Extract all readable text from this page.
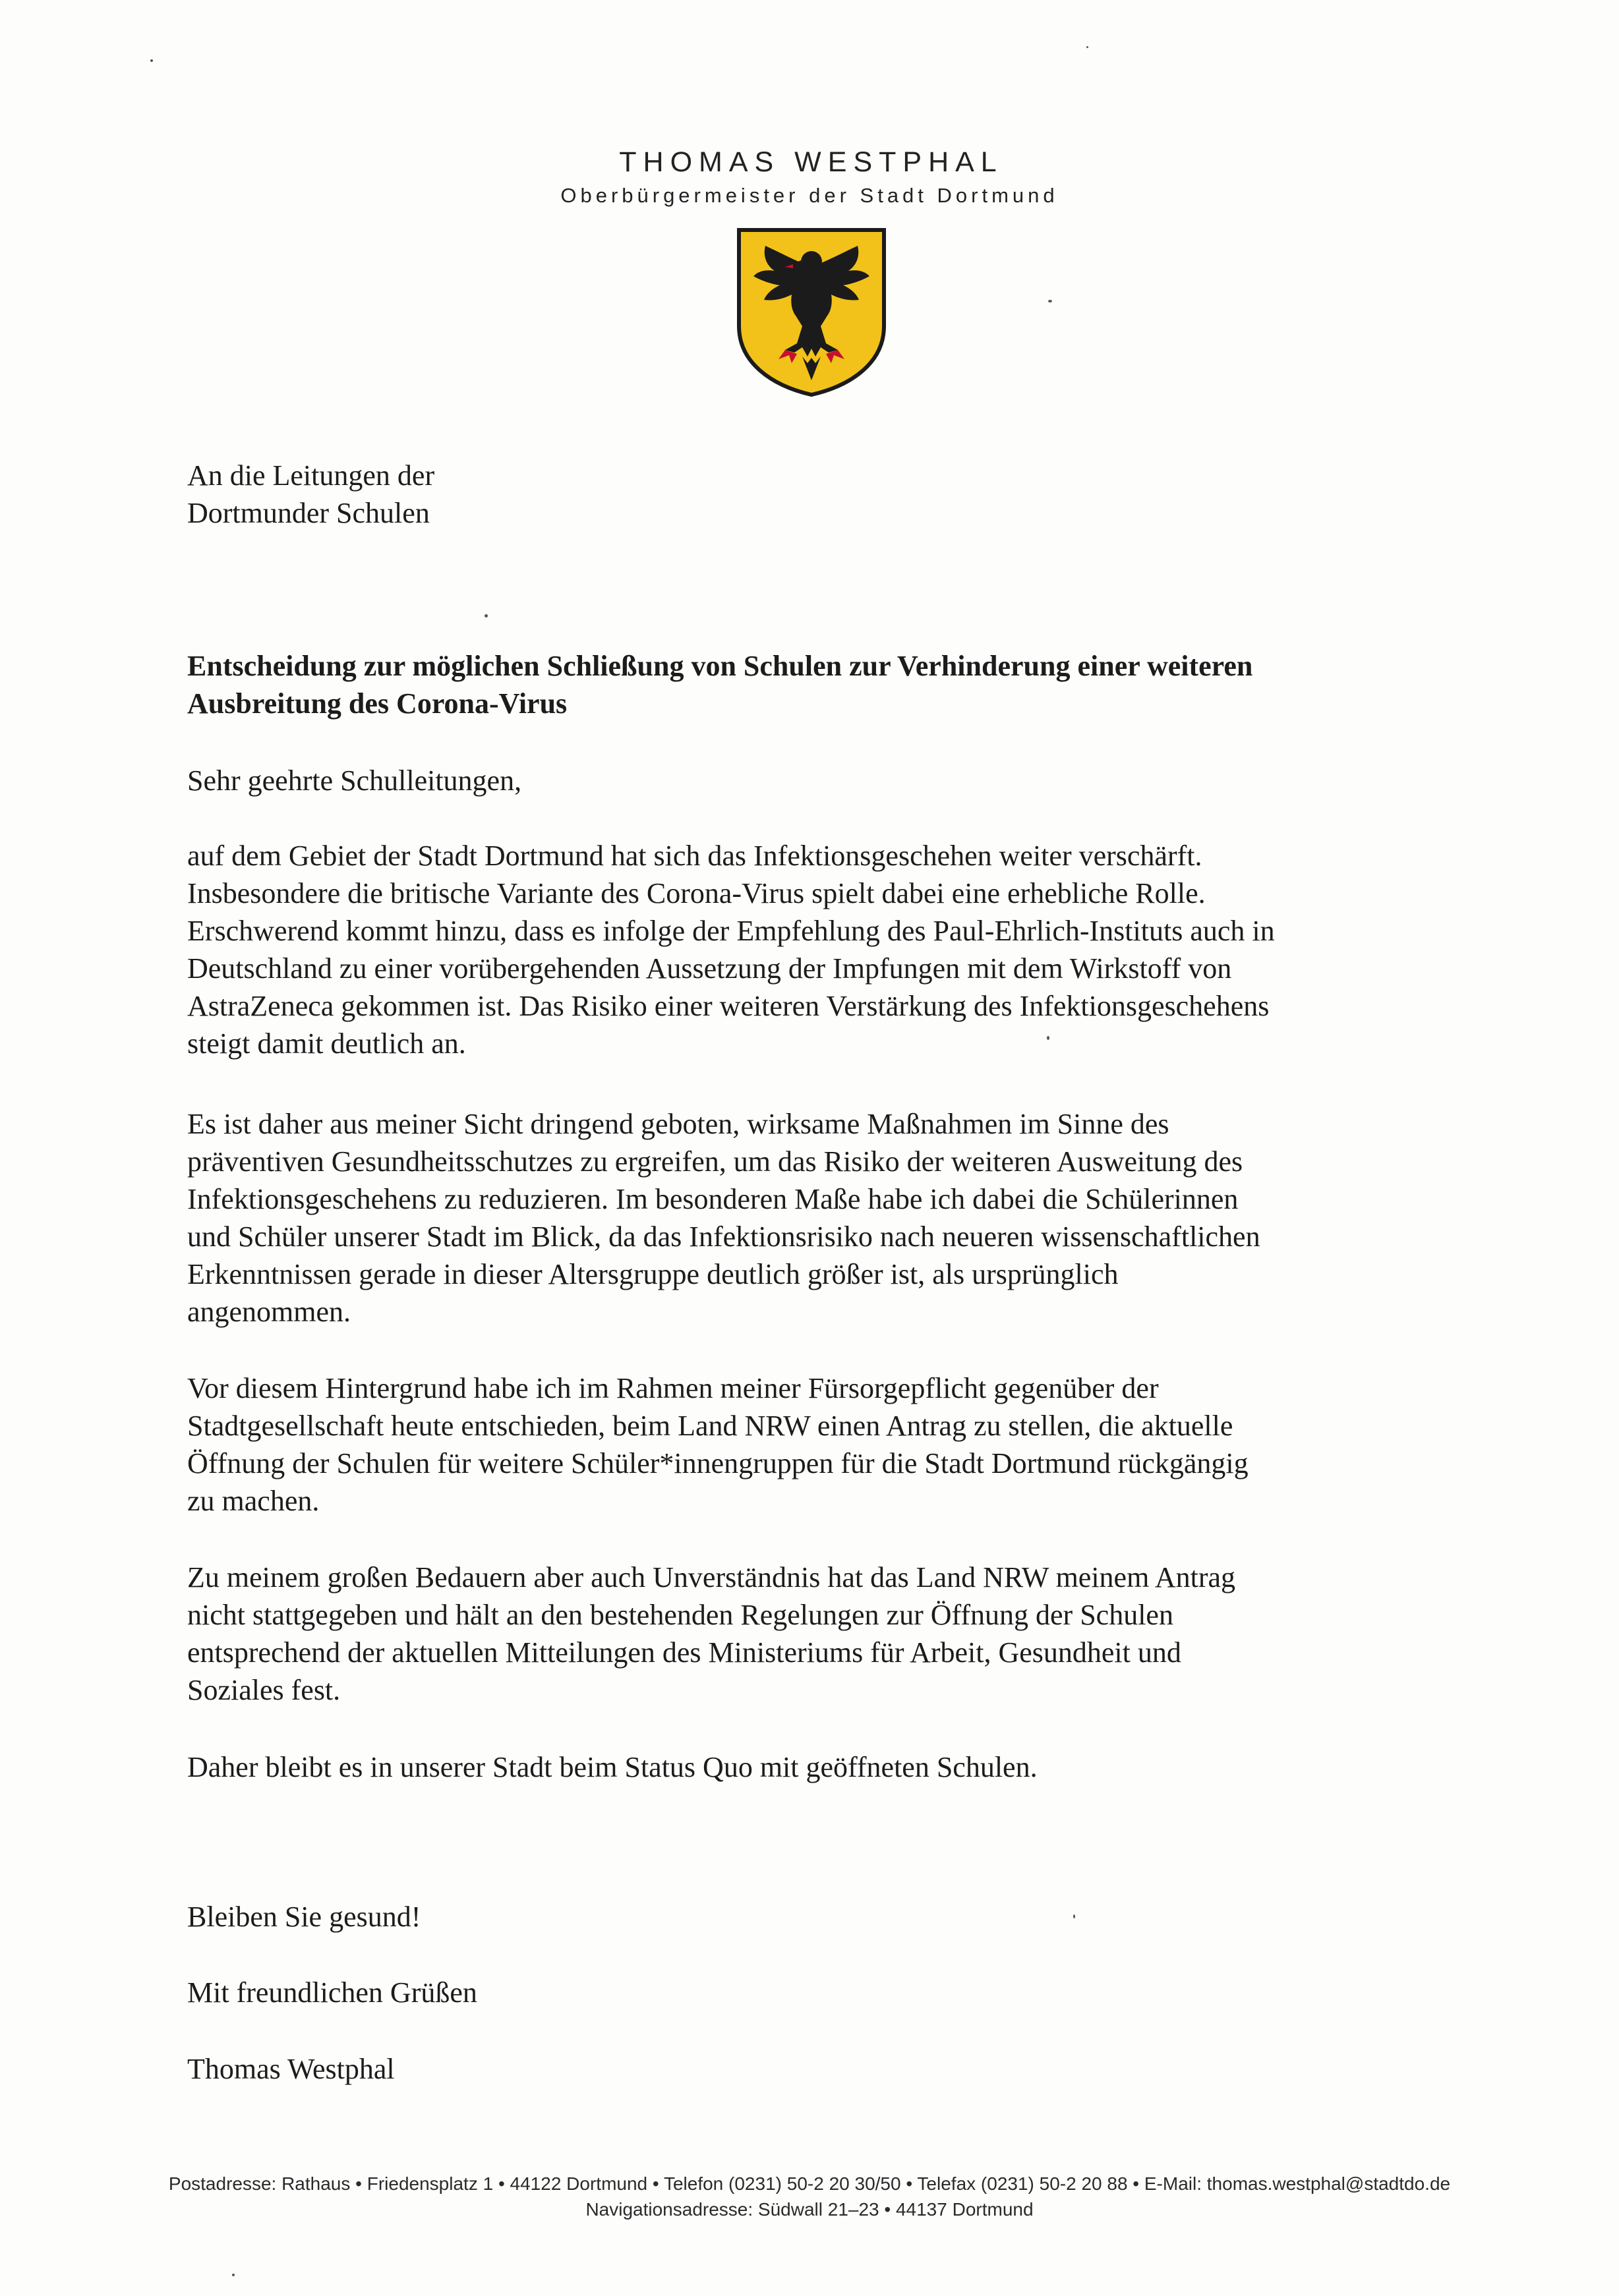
THOMAS WESTPHAL
Oberbürgermeister der Stadt Dortmund
An die Leitungen der
Dortmunder Schulen
Entscheidung zur möglichen Schließung von Schulen zur Verhinderung einer weiteren
Ausbreitung des Corona-Virus
Sehr geehrte Schulleitungen,
auf dem Gebiet der Stadt Dortmund hat sich das Infektionsgeschehen weiter verschärft.
Insbesondere die britische Variante des Corona-Virus spielt dabei eine erhebliche Rolle.
Erschwerend kommt hinzu, dass es infolge der Empfehlung des Paul-Ehrlich-Instituts auch in
Deutschland zu einer vorübergehenden Aussetzung der Impfungen mit dem Wirkstoff von
AstraZeneca gekommen ist. Das Risiko einer weiteren Verstärkung des Infektionsgeschehens
steigt damit deutlich an.
Es ist daher aus meiner Sicht dringend geboten, wirksame Maßnahmen im Sinne des
präventiven Gesundheitsschutzes zu ergreifen, um das Risiko der weiteren Ausweitung des
Infektionsgeschehens zu reduzieren. Im besonderen Maße habe ich dabei die Schülerinnen
und Schüler unserer Stadt im Blick, da das Infektionsrisiko nach neueren wissenschaftlichen
Erkenntnissen gerade in dieser Altersgruppe deutlich größer ist, als ursprünglich
angenommen.
Vor diesem Hintergrund habe ich im Rahmen meiner Fürsorgepflicht gegenüber der
Stadtgesellschaft heute entschieden, beim Land NRW einen Antrag zu stellen, die aktuelle
Öffnung der Schulen für weitere Schüler*innengruppen für die Stadt Dortmund rückgängig
zu machen.
Zu meinem großen Bedauern aber auch Unverständnis hat das Land NRW meinem Antrag
nicht stattgegeben und hält an den bestehenden Regelungen zur Öffnung der Schulen
entsprechend der aktuellen Mitteilungen des Ministeriums für Arbeit, Gesundheit und
Soziales fest.
Daher bleibt es in unserer Stadt beim Status Quo mit geöffneten Schulen.
Bleiben Sie gesund!
Mit freundlichen Grüßen
Thomas Westphal
Postadresse: Rathaus • Friedensplatz 1 • 44122 Dortmund • Telefon (0231) 50-2 20 30/50 • Telefax (0231) 50-2 20 88 • E-Mail: thomas.westphal@stadtdo.de
Navigationsadresse: Südwall 21–23 • 44137 Dortmund
